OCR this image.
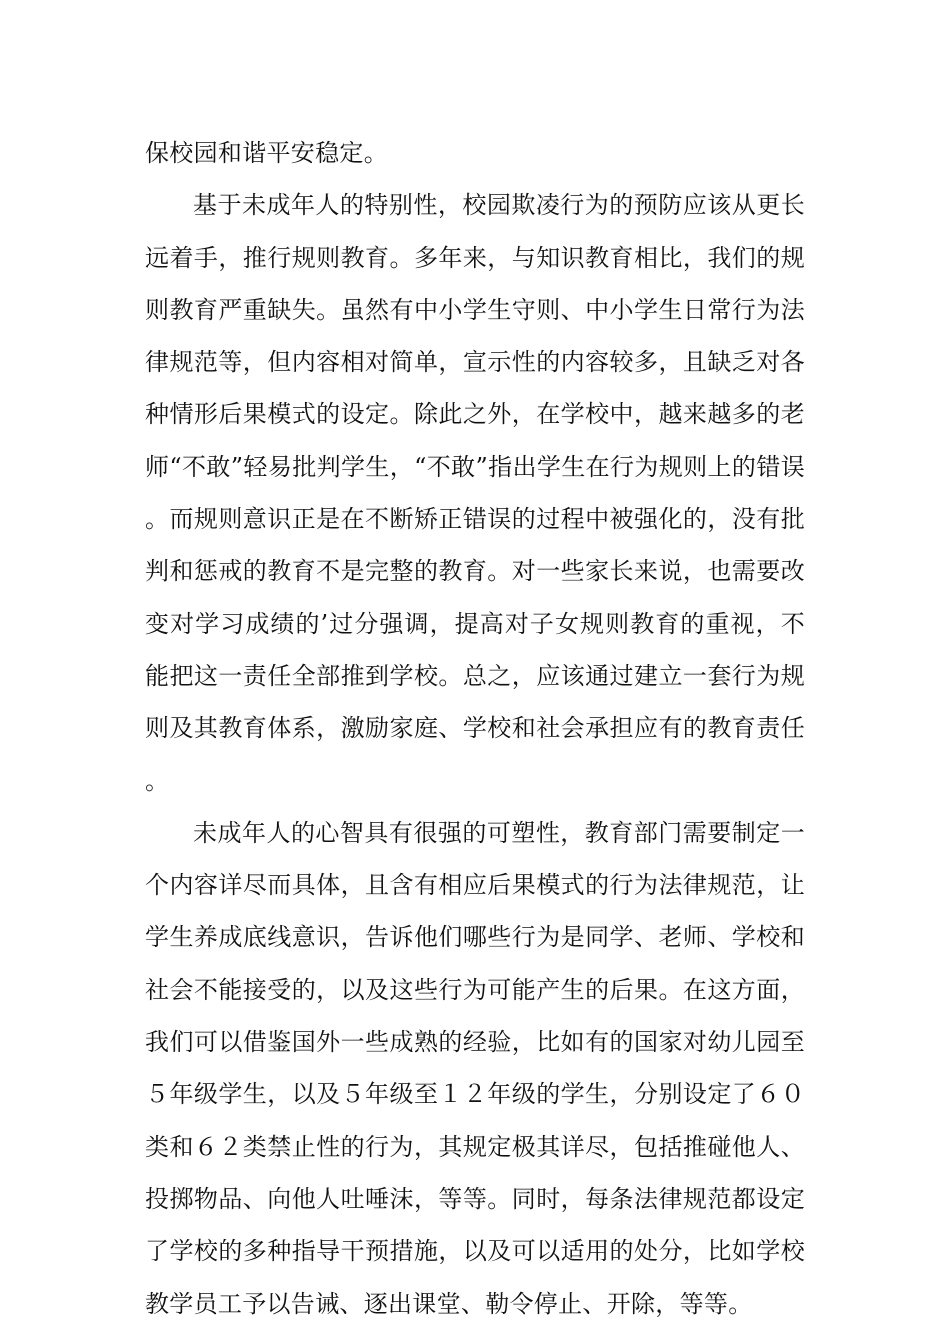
保校园和谐平安稳定。

基于未成年人的特别性，校园欺凌行为的预防应该从更长远着手，推行规则教育。多年来，与知识教育相比，我们的规则教育严重缺失。虽然有中小学生守则、中小学生日常行为法律规范等，但内容相对简单，宣示性的内容较多，且缺乏对各种情形后果模式的设定。除此之外，在学校中，越来越多的老师“不敢”轻易批判学生，“不敢”指出学生在行为规则上的错误。而规则意识正是在不断矫正错误的过程中被强化的，没有批判和惩戒的教育不是完整的教育。对一些家长来说，也需要改变对学习成绩的’过分强调，提高对子女规则教育的重视，不能把这一责任全部推到学校。总之，应该通过建立一套行为规则及其教育体系，激励家庭、学校和社会承担应有的教育责任。

未成年人的心智具有很强的可塑性，教育部门需要制定一个内容详尽而具体，且含有相应后果模式的行为法律规范，让学生养成底线意识，告诉他们哪些行为是同学、老师、学校和社会不能接受的，以及这些行为可能产生的后果。在这方面，我们可以借鉴国外一些成熟的经验，比如有的国家对幼儿园至５年级学生，以及５年级至１２年级的学生，分别设定了６０类和６２类禁止性的行为，其规定极其详尽，包括推碰他人、投掷物品、向他人吐唾沫，等等。同时，每条法律规范都设定了学校的多种指导干预措施，以及可以适用的处分，比如学校教学员工予以告诫、逐出课堂、勒令停止、开除，等等。
